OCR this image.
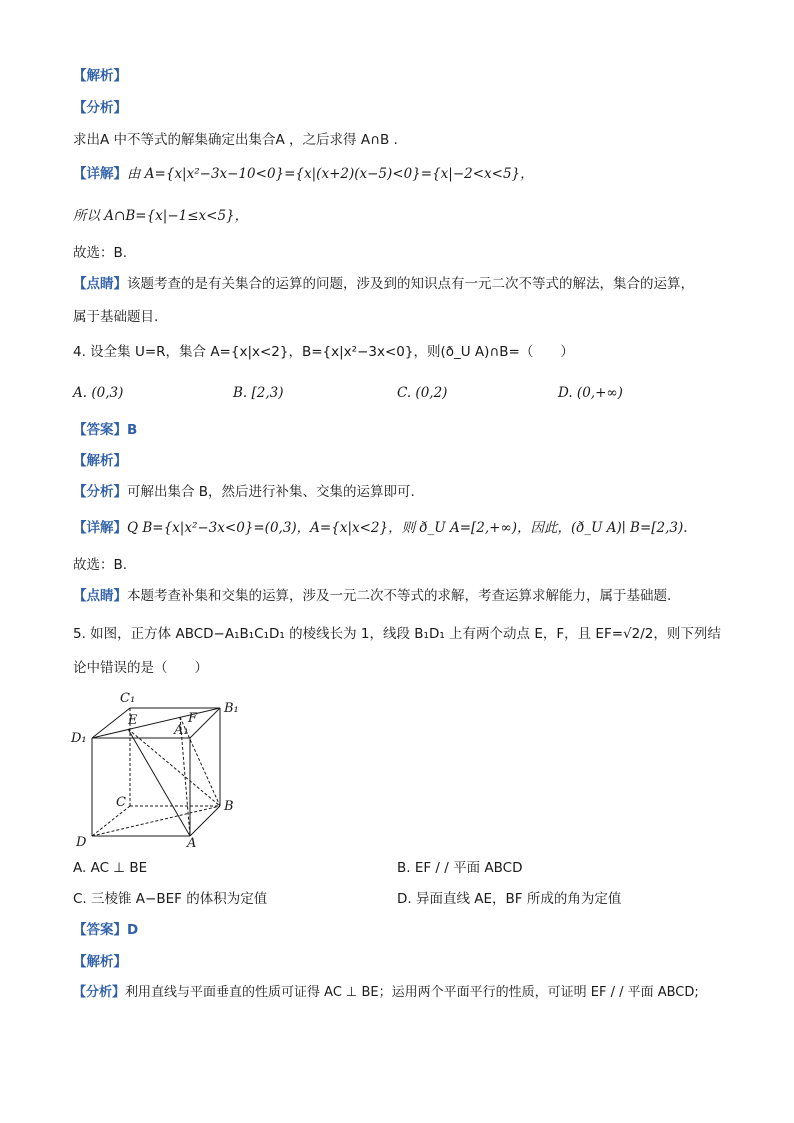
【解析】
【分析】
求出A 中不等式的解集确定出集合A ，之后求得 A∩B .
【详解】由 A={x|x²−3x−10<0}={x|(x+2)(x−5)<0}={x|−2<x<5}，
所以 A∩B={x|−1≤x<5}，
故选：B.
【点睛】该题考查的是有关集合的运算的问题，涉及到的知识点有一元二次不等式的解法，集合的运算，
属于基础题目.
4. 设全集 U=R，集合 A={x|x<2}，B={x|x²−3x<0}，则(ð_U A)∩B=（　　）
A. (0,3)	B. [2,3)	C. (0,2)	D. (0,+∞)
【答案】B
【解析】
【分析】可解出集合 B，然后进行补集、交集的运算即可.
【详解】Q B={x|x²−3x<0}=(0,3)，A={x|x<2}，则 ð_U A=[2,+∞)，因此，(ð_U A)∣ B=[2,3).
故选：B.
【点睛】本题考查补集和交集的运算，涉及一元二次不等式的求解，考查运算求解能力，属于基础题.
5. 如图，正方体 ABCD−A₁B₁C₁D₁ 的棱线长为 1，线段 B₁D₁ 上有两个动点 E，F，且 EF=√2/2，则下列结
论中错误的是（　　）
C₁
B₁
D₁
A₁
E	F
C	B
D	A
A. AC ⊥ BE	B. EF / / 平面 ABCD
C. 三棱锥 A−BEF 的体积为定值	D. 异面直线 AE，BF 所成的角为定值
【答案】D
【解析】
【分析】利用直线与平面垂直的性质可证得 AC ⊥ BE；运用两个平面平行的性质，可证明 EF / / 平面 ABCD;
